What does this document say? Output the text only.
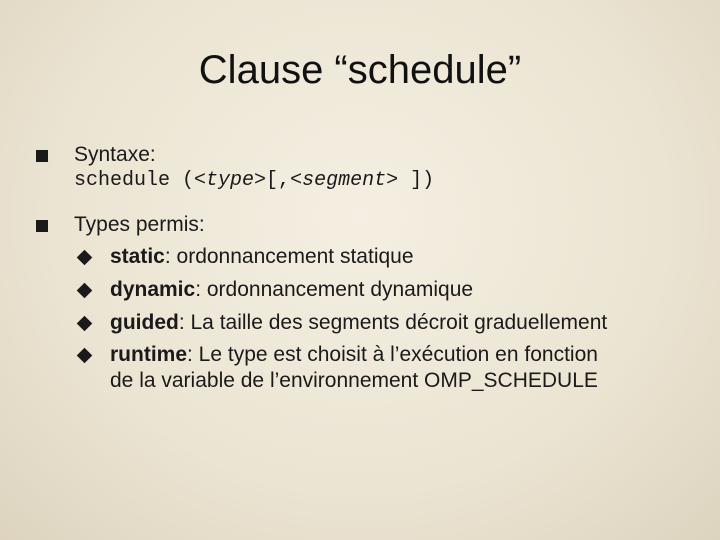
Clause “schedule”
Syntaxe:
schedule (<type>[,<segment> ])
Types permis:
static: ordonnancement statique
dynamic: ordonnancement dynamique
guided: La taille des segments décroit graduellement
runtime: Le type est choisit à l’exécution en fonction
de la variable de l’environnement OMP_SCHEDULE
